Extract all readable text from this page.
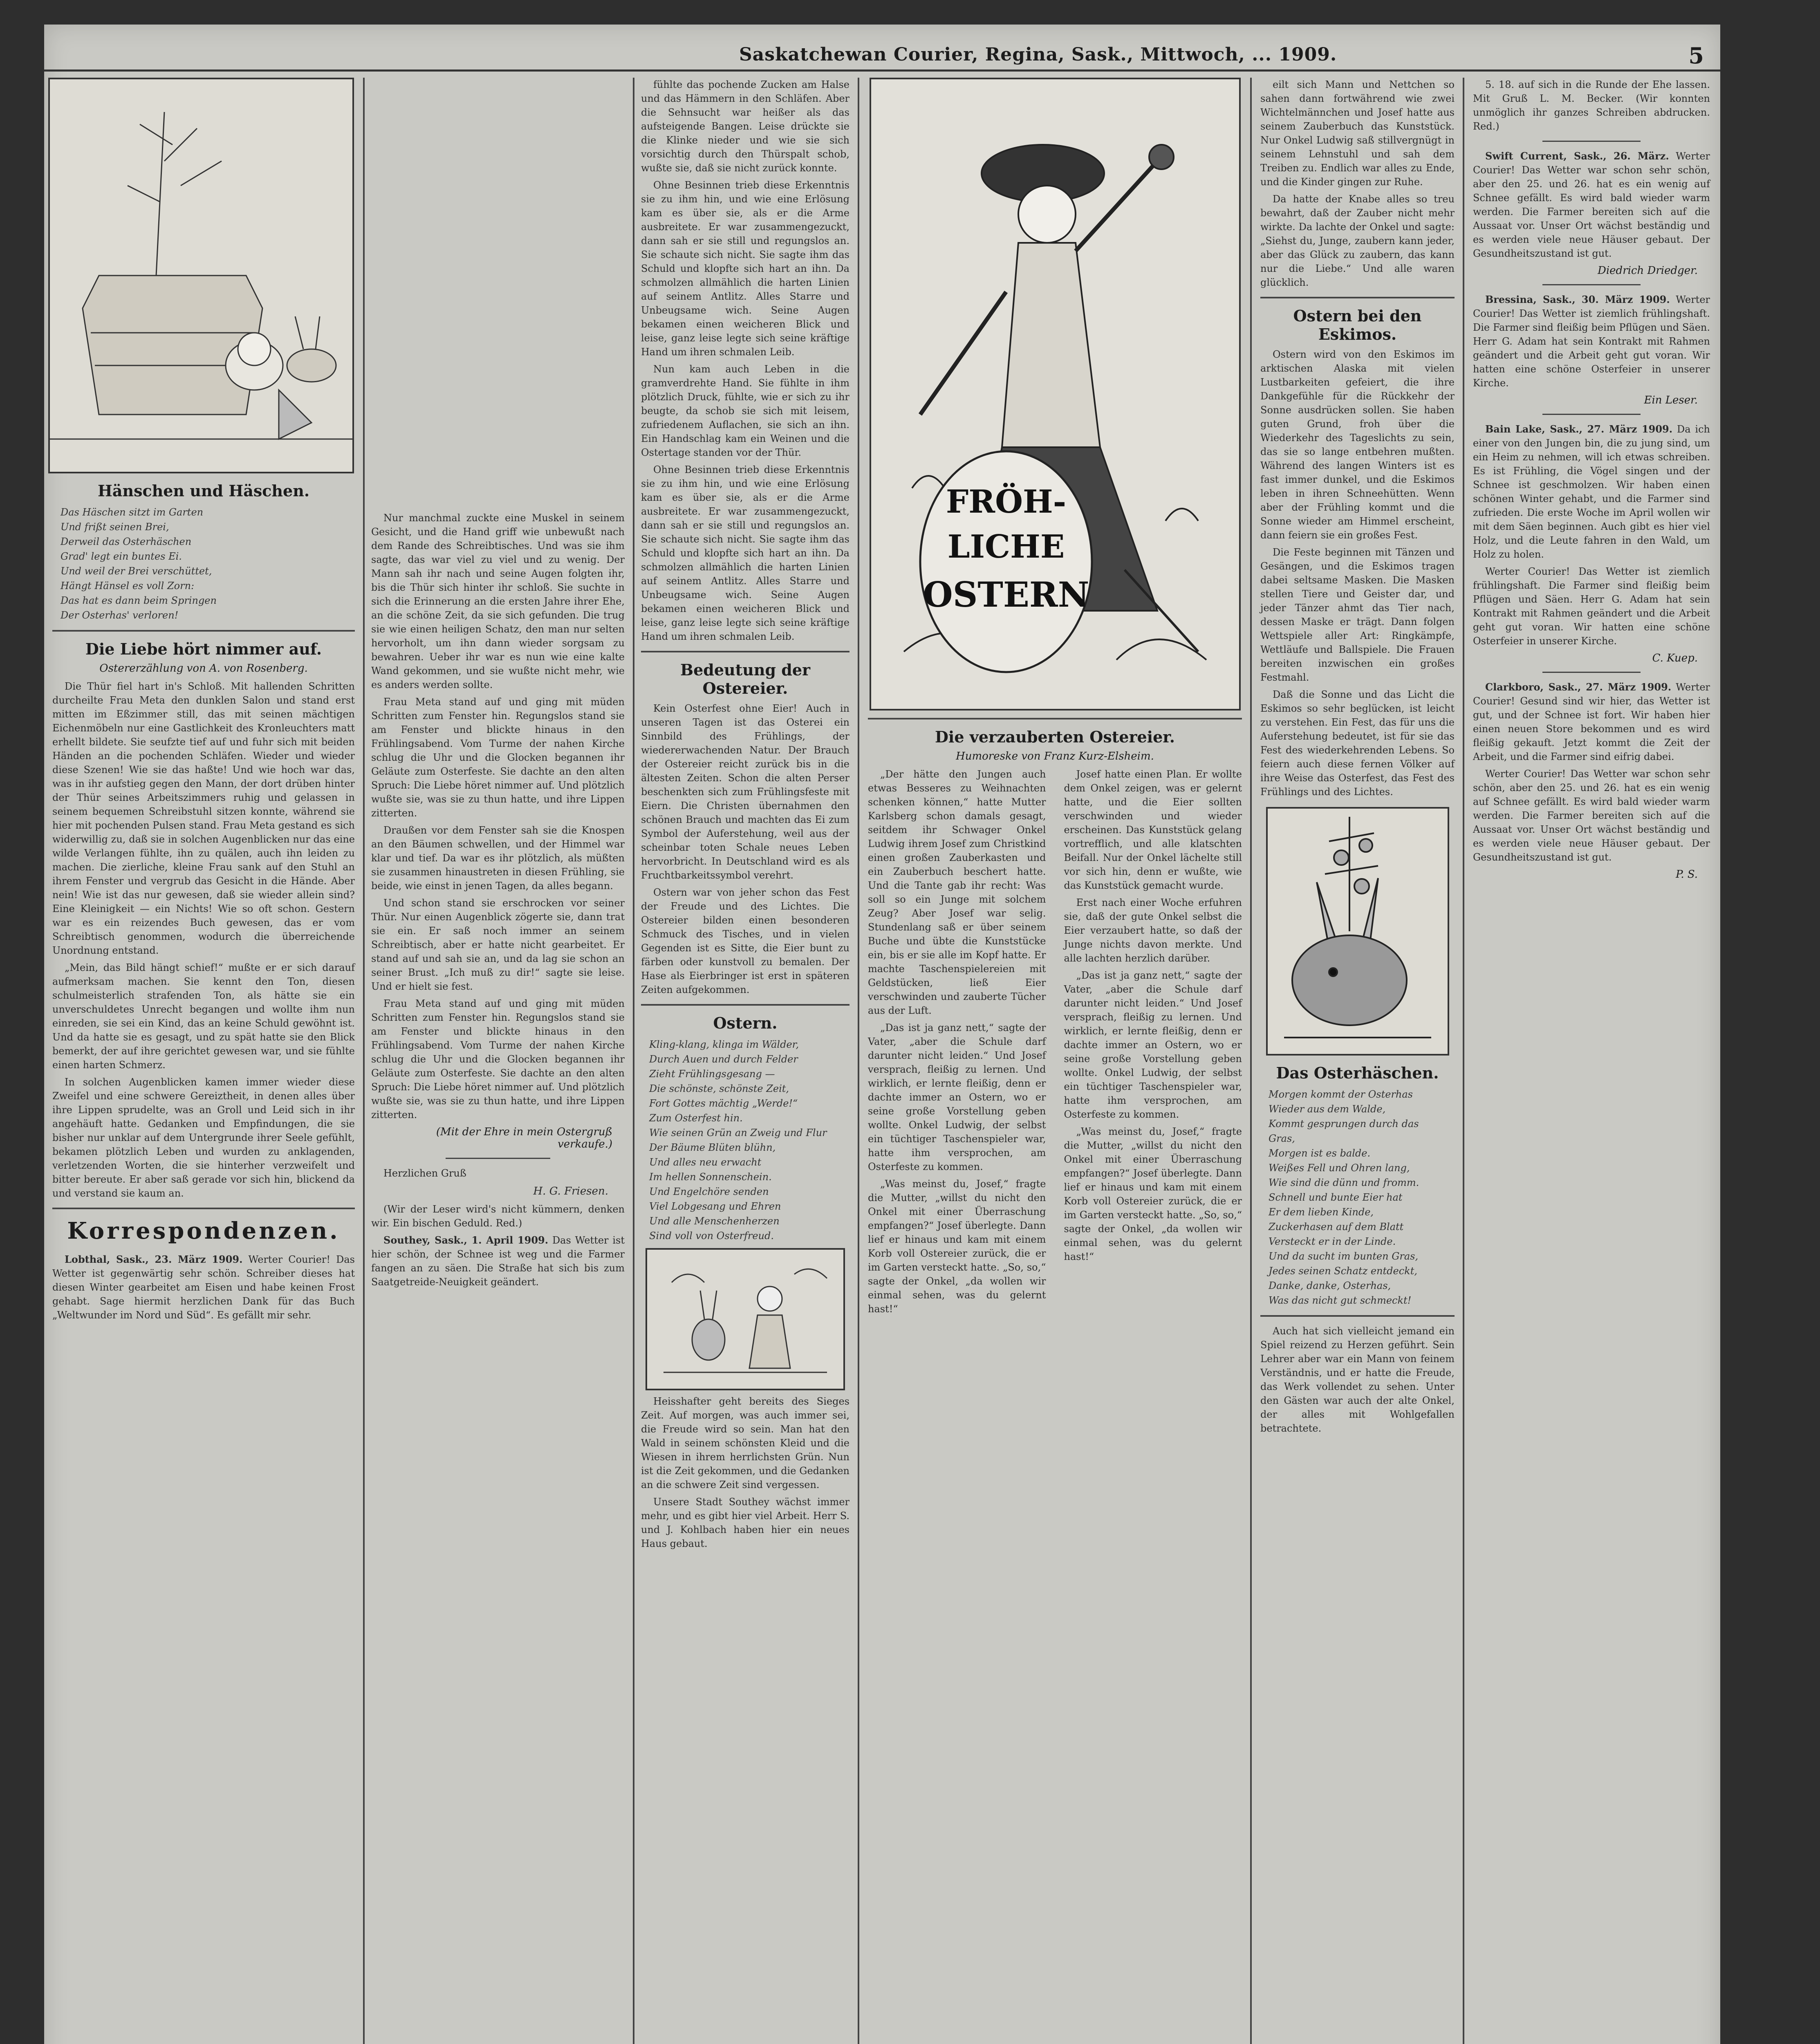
Saskatchewan Courier, Regina, Sask., Mittwoch, ... 1909.	5
Hänschen und Häschen.
Das Häschen sitzt im Garten
Und frißt seinen Brei,
Derweil das Osterhäschen
Grad' legt ein buntes Ei.
Und weil der Brei verschüttet,
Hängt Hänsel es voll Zorn:
Das hat es dann beim Springen
Der Osterhas' verloren!
Die Liebe hört nimmer auf.
Ostererzählung von A. von Rosenberg.

Die Thür fiel hart in's Schloß. Mit hallenden Schritten durcheilte Frau Meta den dunklen Salon und stand erst mitten im Eßzimmer still, das mit seinen mächtigen Eichenmöbeln nur eine Gastlichkeit des Kronleuchters matt erhellt bildete. Sie seufzte tief auf und fuhr sich mit beiden Händen an die pochenden Schläfen. Wieder und wieder diese Szenen! Wie sie das haßte! Und wie hoch war das, was in ihr aufstieg gegen den Mann, der dort drüben hinter der Thür seines Arbeitszimmers ruhig und gelassen in seinem bequemen Schreibstuhl sitzen konnte, während sie hier mit pochenden Pulsen stand. Frau Meta gestand es sich widerwillig zu, daß sie in solchen Augenblicken nur das eine wilde Verlangen fühlte, ihn zu quälen, auch ihn leiden zu machen. Die zierliche, kleine Frau sank auf den Stuhl an ihrem Fenster und vergrub das Gesicht in die Hände. Aber nein! Wie ist das nur gewesen, daß sie wieder allein sind? Eine Kleinigkeit — ein Nichts! Wie so oft schon. Gestern war es ein reizendes Buch gewesen, das er vom Schreibtisch genommen, wodurch die überreichende Unordnung entstand.

„Mein, das Bild hängt schief!“ mußte er er sich darauf aufmerksam machen. Sie kennt den Ton, diesen schulmeisterlich strafenden Ton, als hätte sie ein unverschuldetes Unrecht begangen und wollte ihm nun einreden, sie sei ein Kind, das an keine Schuld gewöhnt ist. Und da hatte sie es gesagt, und zu spät hatte sie den Blick bemerkt, der auf ihre gerichtet gewesen war, und sie fühlte einen harten Schmerz.

In solchen Augenblicken kamen immer wieder diese Zweifel und eine schwere Gereiztheit, in denen alles über ihre Lippen sprudelte, was an Groll und Leid sich in ihr angehäuft hatte. Gedanken und Empfindungen, die sie bisher nur unklar auf dem Untergrunde ihrer Seele gefühlt, bekamen plötzlich Leben und wurden zu anklagenden, verletzenden Worten, die sie hinterher verzweifelt und bitter bereute. Er aber saß gerade vor sich hin, blickend da und verstand sie kaum an.

Korrespondenzen.

Lobthal, Sask., 23. März 1909. Werter Courier! Das Wetter ist gegenwärtig sehr schön. Schreiber dieses hat diesen Winter gearbeitet am Eisen und habe keinen Frost gehabt. Sage hiermit herzlichen Dank für das Buch „Weltwunder im Nord und Süd“. Es gefällt mir sehr.

Nur manchmal zuckte eine Muskel in seinem Gesicht, und die Hand griff wie unbewußt nach dem Rande des Schreibtisches. Und was sie ihm sagte, das war viel zu viel und zu wenig. Der Mann sah ihr nach und seine Augen folgten ihr, bis die Thür sich hinter ihr schloß. Sie suchte in sich die Erinnerung an die ersten Jahre ihrer Ehe, an die schöne Zeit, da sie sich gefunden. Die trug sie wie einen heiligen Schatz, den man nur selten hervorholt, um ihn dann wieder sorgsam zu bewahren. Ueber ihr war es nun wie eine kalte Wand gekommen, und sie wußte nicht mehr, wie es anders werden sollte.

Frau Meta stand auf und ging mit müden Schritten zum Fenster hin. Regungslos stand sie am Fenster und blickte hinaus in den Frühlingsabend. Vom Turme der nahen Kirche schlug die Uhr und die Glocken begannen ihr Geläute zum Osterfeste. Sie dachte an den alten Spruch: Die Liebe höret nimmer auf. Und plötzlich wußte sie, was sie zu thun hatte, und ihre Lippen zitterten.

Draußen vor dem Fenster sah sie die Knospen an den Bäumen schwellen, und der Himmel war klar und tief. Da war es ihr plötzlich, als müßten sie zusammen hinaustreten in diesen Frühling, sie beide, wie einst in jenen Tagen, da alles begann.

Und schon stand sie erschrocken vor seiner Thür. Nur einen Augenblick zögerte sie, dann trat sie ein. Er saß noch immer an seinem Schreibtisch, aber er hatte nicht gearbeitet. Er stand auf und sah sie an, und da lag sie schon an seiner Brust. „Ich muß zu dir!“ sagte sie leise. Und er hielt sie fest.

Frau Meta stand auf und ging mit müden Schritten zum Fenster hin. Regungslos stand sie am Fenster und blickte hinaus in den Frühlingsabend. Vom Turme der nahen Kirche schlug die Uhr und die Glocken begannen ihr Geläute zum Osterfeste. Sie dachte an den alten Spruch: Die Liebe höret nimmer auf. Und plötzlich wußte sie, was sie zu thun hatte, und ihre Lippen zitterten.

(Mit der Ehre in mein Ostergruß verkaufe.)

Herzlichen Gruß

H. G. Friesen.

(Wir der Leser wird's nicht kümmern, denken wir. Ein bischen Geduld. Red.)

Southey, Sask., 1. April 1909. Das Wetter ist hier schön, der Schnee ist weg und die Farmer fangen an zu säen. Die Straße hat sich bis zum Saatgetreide-Neuigkeit geändert.

fühlte das pochende Zucken am Halse und das Hämmern in den Schläfen. Aber die Sehnsucht war heißer als das aufsteigende Bangen. Leise drückte sie die Klinke nieder und wie sie sich vorsichtig durch den Thürspalt schob, wußte sie, daß sie nicht zurück konnte.

Ohne Besinnen trieb diese Erkenntnis sie zu ihm hin, und wie eine Erlösung kam es über sie, als er die Arme ausbreitete. Er war zusammengezuckt, dann sah er sie still und regungslos an. Sie schaute sich nicht. Sie sagte ihm das Schuld und klopfte sich hart an ihn. Da schmolzen allmählich die harten Linien auf seinem Antlitz. Alles Starre und Unbeugsame wich. Seine Augen bekamen einen weicheren Blick und leise, ganz leise legte sich seine kräftige Hand um ihren schmalen Leib.

Nun kam auch Leben in die gramverdrehte Hand. Sie fühlte in ihm plötzlich Druck, fühlte, wie er sich zu ihr beugte, da schob sie sich mit leisem, zufriedenem Auflachen, sie sich an ihn. Ein Handschlag kam ein Weinen und die Ostertage standen vor der Thür.

Ohne Besinnen trieb diese Erkenntnis sie zu ihm hin, und wie eine Erlösung kam es über sie, als er die Arme ausbreitete. Er war zusammengezuckt, dann sah er sie still und regungslos an. Sie schaute sich nicht. Sie sagte ihm das Schuld und klopfte sich hart an ihn. Da schmolzen allmählich die harten Linien auf seinem Antlitz. Alles Starre und Unbeugsame wich. Seine Augen bekamen einen weicheren Blick und leise, ganz leise legte sich seine kräftige Hand um ihren schmalen Leib.

Bedeutung der Ostereier.

Kein Osterfest ohne Eier! Auch in unseren Tagen ist das Osterei ein Sinnbild des Frühlings, der wiedererwachenden Natur. Der Brauch der Ostereier reicht zurück bis in die ältesten Zeiten. Schon die alten Perser beschenkten sich zum Frühlingsfeste mit Eiern. Die Christen übernahmen den schönen Brauch und machten das Ei zum Symbol der Auferstehung, weil aus der scheinbar toten Schale neues Leben hervorbricht. In Deutschland wird es als Fruchtbarkeitssymbol verehrt.

Ostern war von jeher schon das Fest der Freude und des Lichtes. Die Ostereier bilden einen besonderen Schmuck des Tisches, und in vielen Gegenden ist es Sitte, die Eier bunt zu färben oder kunstvoll zu bemalen. Der Hase als Eierbringer ist erst in späteren Zeiten aufgekommen.

Ostern.
Kling-klang, klinga im Wälder,
Durch Auen und durch Felder
Zieht Frühlingsgesang —
Die schönste, schönste Zeit,
Fort Gottes mächtig „Werde!“
Zum Osterfest hin.
Wie seinen Grün an Zweig und Flur
Der Bäume Blüten blühn,
Und alles neu erwacht
Im hellen Sonnenschein.
Und Engelchöre senden
Viel Lobgesang und Ehren
Und alle Menschenherzen
Sind voll von Osterfreud.

Heisshafter geht bereits des Sieges Zeit. Auf morgen, was auch immer sei, die Freude wird so sein. Man hat den Wald in seinem schönsten Kleid und die Wiesen in ihrem herrlichsten Grün. Nun ist die Zeit gekommen, und die Gedanken an die schwere Zeit sind vergessen.

Unsere Stadt Southey wächst immer mehr, und es gibt hier viel Arbeit. Herr S. und J. Kohlbach haben hier ein neues Haus gebaut.

FRÖH-
LICHE
OSTERN
Die verzauberten Ostereier.
Humoreske von Franz Kurz-Elsheim.

„Der hätte den Jungen auch etwas Besseres zu Weihnachten schenken können,“ hatte Mutter Karlsberg schon damals gesagt, seitdem ihr Schwager Onkel Ludwig ihrem Josef zum Christkind einen großen Zauberkasten und ein Zauberbuch beschert hatte. Und die Tante gab ihr recht: Was soll so ein Junge mit solchem Zeug? Aber Josef war selig. Stundenlang saß er über seinem Buche und übte die Kunststücke ein, bis er sie alle im Kopf hatte. Er machte Taschenspielereien mit Geldstücken, ließ Eier verschwinden und zauberte Tücher aus der Luft.

„Das ist ja ganz nett,“ sagte der Vater, „aber die Schule darf darunter nicht leiden.“ Und Josef versprach, fleißig zu lernen. Und wirklich, er lernte fleißig, denn er dachte immer an Ostern, wo er seine große Vorstellung geben wollte. Onkel Ludwig, der selbst ein tüchtiger Taschenspieler war, hatte ihm versprochen, am Osterfeste zu kommen.

„Was meinst du, Josef,“ fragte die Mutter, „willst du nicht den Onkel mit einer Überraschung empfangen?“ Josef überlegte. Dann lief er hinaus und kam mit einem Korb voll Ostereier zurück, die er im Garten versteckt hatte. „So, so,“ sagte der Onkel, „da wollen wir einmal sehen, was du gelernt hast!“

Josef hatte einen Plan. Er wollte dem Onkel zeigen, was er gelernt hatte, und die Eier sollten verschwinden und wieder erscheinen. Das Kunststück gelang vortrefflich, und alle klatschten Beifall. Nur der Onkel lächelte still vor sich hin, denn er wußte, wie das Kunststück gemacht wurde.

Erst nach einer Woche erfuhren sie, daß der gute Onkel selbst die Eier verzaubert hatte, so daß der Junge nichts davon merkte. Und alle lachten herzlich darüber.

„Das ist ja ganz nett,“ sagte der Vater, „aber die Schule darf darunter nicht leiden.“ Und Josef versprach, fleißig zu lernen. Und wirklich, er lernte fleißig, denn er dachte immer an Ostern, wo er seine große Vorstellung geben wollte. Onkel Ludwig, der selbst ein tüchtiger Taschenspieler war, hatte ihm versprochen, am Osterfeste zu kommen.

„Was meinst du, Josef,“ fragte die Mutter, „willst du nicht den Onkel mit einer Überraschung empfangen?“ Josef überlegte. Dann lief er hinaus und kam mit einem Korb voll Ostereier zurück, die er im Garten versteckt hatte. „So, so,“ sagte der Onkel, „da wollen wir einmal sehen, was du gelernt hast!“

eilt sich Mann und Nettchen so sahen dann fortwährend wie zwei Wichtelmännchen und Josef hatte aus seinem Zauberbuch das Kunststück. Nur Onkel Ludwig saß stillvergnügt in seinem Lehnstuhl und sah dem Treiben zu. Endlich war alles zu Ende, und die Kinder gingen zur Ruhe.

Da hatte der Knabe alles so treu bewahrt, daß der Zauber nicht mehr wirkte. Da lachte der Onkel und sagte: „Siehst du, Junge, zaubern kann jeder, aber das Glück zu zaubern, das kann nur die Liebe.“ Und alle waren glücklich.

Ostern bei den Eskimos.

Ostern wird von den Eskimos im arktischen Alaska mit vielen Lustbarkeiten gefeiert, die ihre Dankgefühle für die Rückkehr der Sonne ausdrücken sollen. Sie haben guten Grund, froh über die Wiederkehr des Tageslichts zu sein, das sie so lange entbehren mußten. Während des langen Winters ist es fast immer dunkel, und die Eskimos leben in ihren Schneehütten. Wenn aber der Frühling kommt und die Sonne wieder am Himmel erscheint, dann feiern sie ein großes Fest.

Die Feste beginnen mit Tänzen und Gesängen, und die Eskimos tragen dabei seltsame Masken. Die Masken stellen Tiere und Geister dar, und jeder Tänzer ahmt das Tier nach, dessen Maske er trägt. Dann folgen Wettspiele aller Art: Ringkämpfe, Wettläufe und Ballspiele. Die Frauen bereiten inzwischen ein großes Festmahl.

Daß die Sonne und das Licht die Eskimos so sehr beglücken, ist leicht zu verstehen. Ein Fest, das für uns die Auferstehung bedeutet, ist für sie das Fest des wiederkehrenden Lebens. So feiern auch diese fernen Völker auf ihre Weise das Osterfest, das Fest des Frühlings und des Lichtes.

Das Osterhäschen.
Morgen kommt der Osterhas
Wieder aus dem Walde,
Kommt gesprungen durch das Gras,
Morgen ist es balde.
Weißes Fell und Ohren lang,
Wie sind die dünn und fromm.
Schnell und bunte Eier hat
Er dem lieben Kinde,
Zuckerhasen auf dem Blatt
Versteckt er in der Linde.
Und da sucht im bunten Gras,
Jedes seinen Schatz entdeckt,
Danke, danke, Osterhas,
Was das nicht gut schmeckt!

Auch hat sich vielleicht jemand ein Spiel reizend zu Herzen geführt. Sein Lehrer aber war ein Mann von feinem Verständnis, und er hatte die Freude, das Werk vollendet zu sehen. Unter den Gästen war auch der alte Onkel, der alles mit Wohlgefallen betrachtete.

5. 18. auf sich in die Runde der Ehe lassen. Mit Gruß L. M. Becker. (Wir konnten unmöglich ihr ganzes Schreiben abdrucken. Red.)

Swift Current, Sask., 26. März. Werter Courier! Das Wetter war schon sehr schön, aber den 25. und 26. hat es ein wenig auf Schnee gefällt. Es wird bald wieder warm werden. Die Farmer bereiten sich auf die Aussaat vor. Unser Ort wächst beständig und es werden viele neue Häuser gebaut. Der Gesundheitszustand ist gut.

Diedrich Driedger.

Bressina, Sask., 30. März 1909. Werter Courier! Das Wetter ist ziemlich frühlingshaft. Die Farmer sind fleißig beim Pflügen und Säen. Herr G. Adam hat sein Kontrakt mit Rahmen geändert und die Arbeit geht gut voran. Wir hatten eine schöne Osterfeier in unserer Kirche.

Ein Leser.

Bain Lake, Sask., 27. März 1909. Da ich einer von den Jungen bin, die zu jung sind, um ein Heim zu nehmen, will ich etwas schreiben. Es ist Frühling, die Vögel singen und der Schnee ist geschmolzen. Wir haben einen schönen Winter gehabt, und die Farmer sind zufrieden. Die erste Woche im April wollen wir mit dem Säen beginnen. Auch gibt es hier viel Holz, und die Leute fahren in den Wald, um Holz zu holen.

Werter Courier! Das Wetter ist ziemlich frühlingshaft. Die Farmer sind fleißig beim Pflügen und Säen. Herr G. Adam hat sein Kontrakt mit Rahmen geändert und die Arbeit geht gut voran. Wir hatten eine schöne Osterfeier in unserer Kirche.

C. Kuep.

Clarkboro, Sask., 27. März 1909. Werter Courier! Gesund sind wir hier, das Wetter ist gut, und der Schnee ist fort. Wir haben hier einen neuen Store bekommen und es wird fleißig gekauft. Jetzt kommt die Zeit der Arbeit, und die Farmer sind eifrig dabei.

Werter Courier! Das Wetter war schon sehr schön, aber den 25. und 26. hat es ein wenig auf Schnee gefällt. Es wird bald wieder warm werden. Die Farmer bereiten sich auf die Aussaat vor. Unser Ort wächst beständig und es werden viele neue Häuser gebaut. Der Gesundheitszustand ist gut.

P. S.
